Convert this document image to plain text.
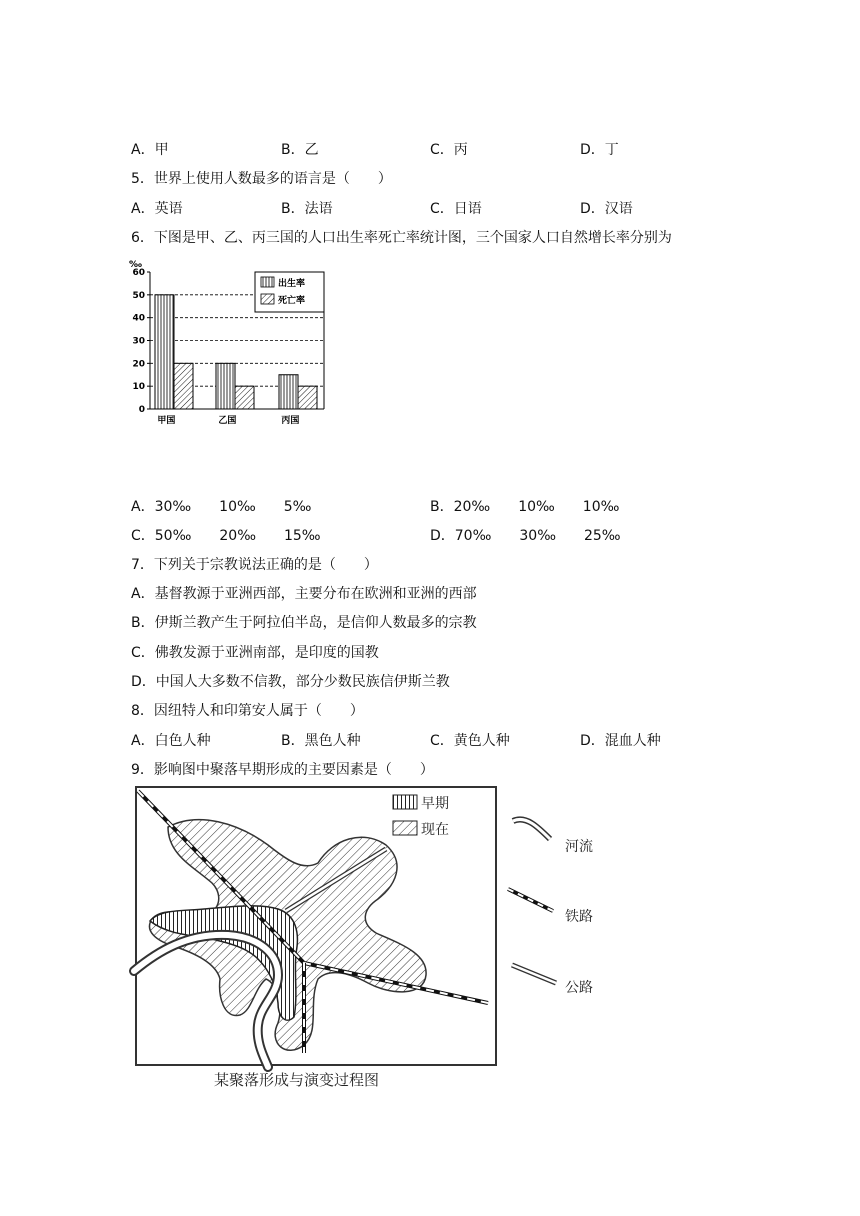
A．甲	B．乙	C．丙	D．丁
5．世界上使用人数最多的语言是（　　）
A．英语	B．法语	C．日语	D．汉语
6．下图是甲、乙、丙三国的人口出生率死亡率统计图，三个国家人口自然增长率分别为
‰
0
10
20
30
40
50
60
甲国	乙国	丙国
出生率
死亡率
A．30‰　　10‰　　5‰	B．20‰　　10‰　　10‰
C．50‰　　20‰　　15‰	D．70‰　　30‰　　25‰
7．下列关于宗教说法正确的是（　　）
A．基督教源于亚洲西部，主要分布在欧洲和亚洲的西部
B．伊斯兰教产生于阿拉伯半岛，是信仰人数最多的宗教
C．佛教发源于亚洲南部，是印度的国教
D．中国人大多数不信教，部分少数民族信伊斯兰教
8．因纽特人和印第安人属于（　　）
A．白色人种	B．黑色人种	C．黄色人种	D．混血人种
9．影响图中聚落早期形成的主要因素是（　　）
早期
现在
河流
铁路
公路
某聚落形成与演变过程图
